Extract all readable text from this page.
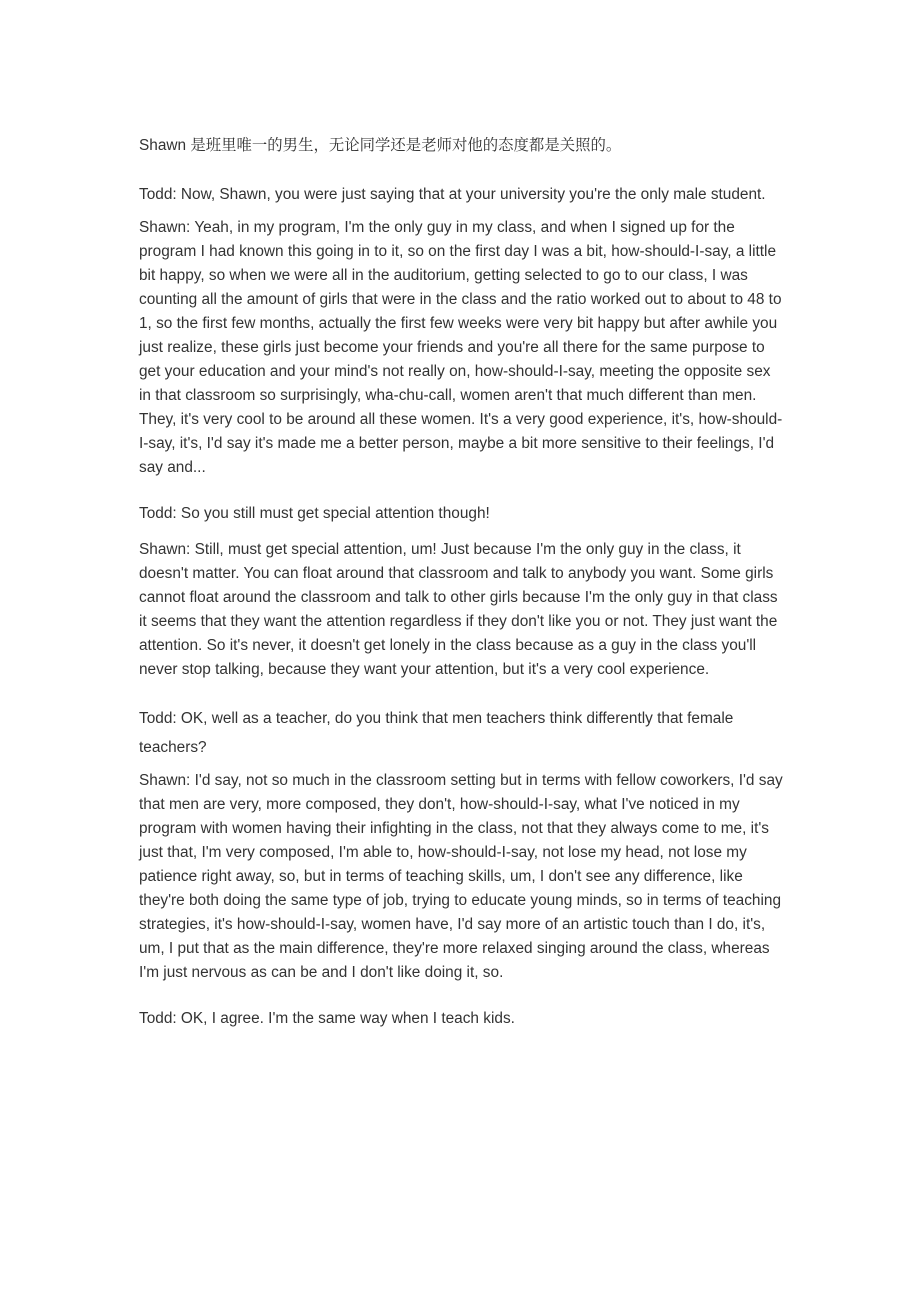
Shawn 是班里唯一的男生，无论同学还是老师对他的态度都是关照的。

Todd: Now, Shawn, you were just saying that at your university you're the only male student.

Shawn: Yeah, in my program, I'm the only guy in my class, and when I signed up for the program I had known this going in to it, so on the first day I was a bit, how-should-I-say, a little bit happy, so when we were all in the auditorium, getting selected to go to our class, I was counting all the amount of girls that were in the class and the ratio worked out to about to 48 to 1, so the first few months, actually the first few weeks were very bit happy but after awhile you just realize, these girls just become your friends and you're all there for the same purpose to get your education and your mind's not really on, how-should-I-say, meeting the opposite sex in that classroom so surprisingly, wha-chu-call, women aren't that much different than men. They, it's very cool to be around all these women. It's a very good experience, it's, how-should-I-say, it's, I'd say it's made me a better person, maybe a bit more sensitive to their feelings, I'd say and...

Todd: So you still must get special attention though!

Shawn: Still, must get special attention, um! Just because I'm the only guy in the class, it doesn't matter. You can float around that classroom and talk to anybody you want. Some girls cannot float around the classroom and talk to other girls because I'm the only guy in that class it seems that they want the attention regardless if they don't like you or not. They just want the attention. So it's never, it doesn't get lonely in the class because as a guy in the class you'll never stop talking, because they want your attention, but it's a very cool experience.

Todd: OK, well as a teacher, do you think that men teachers think differently that female teachers?

Shawn: I'd say, not so much in the classroom setting but in terms with fellow coworkers, I'd say that men are very, more composed, they don't, how-should-I-say, what I've noticed in my program with women having their infighting in the class, not that they always come to me, it's just that, I'm very composed, I'm able to, how-should-I-say, not lose my head, not lose my patience right away, so, but in terms of teaching skills, um, I don't see any difference, like they're both doing the same type of job, trying to educate young minds, so in terms of teaching strategies, it's how-should-I-say, women have, I'd say more of an artistic touch than I do, it's, um, I put that as the main difference, they're more relaxed singing around the class, whereas I'm just nervous as can be and I don't like doing it, so.

Todd: OK, I agree. I'm the same way when I teach kids.
